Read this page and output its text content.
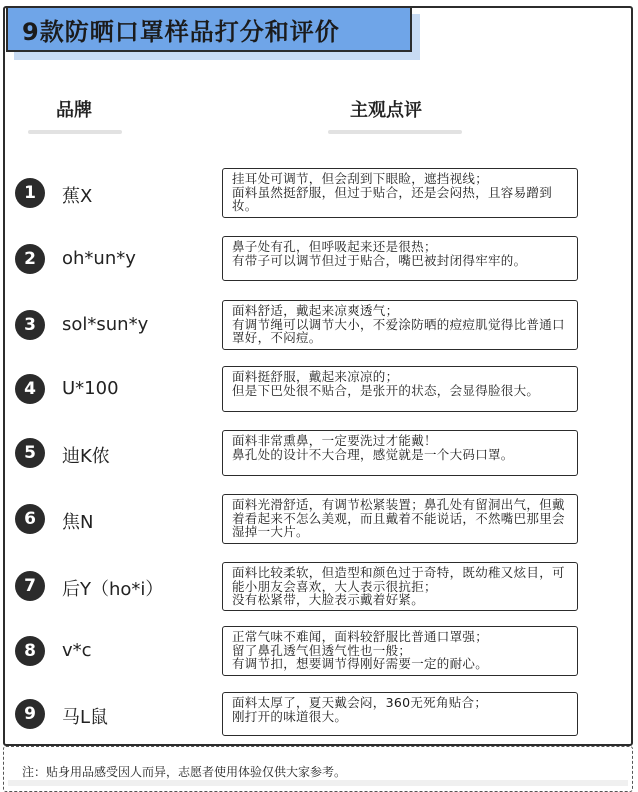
9款防晒口罩样品打分和评价
品牌	主观点评
1	蕉X
挂耳处可调节，但会刮到下眼睑，遮挡视线；
面料虽然挺舒服，但过于贴合，还是会闷热，且容易蹭到妆。
2	oh*un*y
鼻子处有孔，但呼吸起来还是很热；
有带子可以调节但过于贴合，嘴巴被封闭得牢牢的。
3	sol*sun*y
面料舒适，戴起来凉爽透气；
有调节绳可以调节大小，不爱涂防晒的痘痘肌觉得比普通口罩好，不闷痘。
4	U*100
面料挺舒服，戴起来凉凉的；
但是下巴处很不贴合，是张开的状态，会显得脸很大。
5	迪K侬
面料非常熏鼻，一定要洗过才能戴！
鼻孔处的设计不大合理，感觉就是一个大码口罩。
6	焦N
面料光滑舒适，有调节松紧装置；鼻孔处有留洞出气，但戴着看起来不怎么美观，而且戴着不能说话，不然嘴巴那里会湿掉一大片。
7	后Y（ho*i）
面料比较柔软，但造型和颜色过于奇特，既幼稚又炫目，可能小朋友会喜欢，大人表示很抗拒；
没有松紧带，大脸表示戴着好紧。
8	v*c
正常气味不难闻，面料较舒服比普通口罩强；
留了鼻孔透气但透气性也一般；
有调节扣，想要调节得刚好需要一定的耐心。
9	马L鼠
面料太厚了，夏天戴会闷，360无死角贴合；
刚打开的味道很大。
注：贴身用品感受因人而异，志愿者使用体验仅供大家参考。
